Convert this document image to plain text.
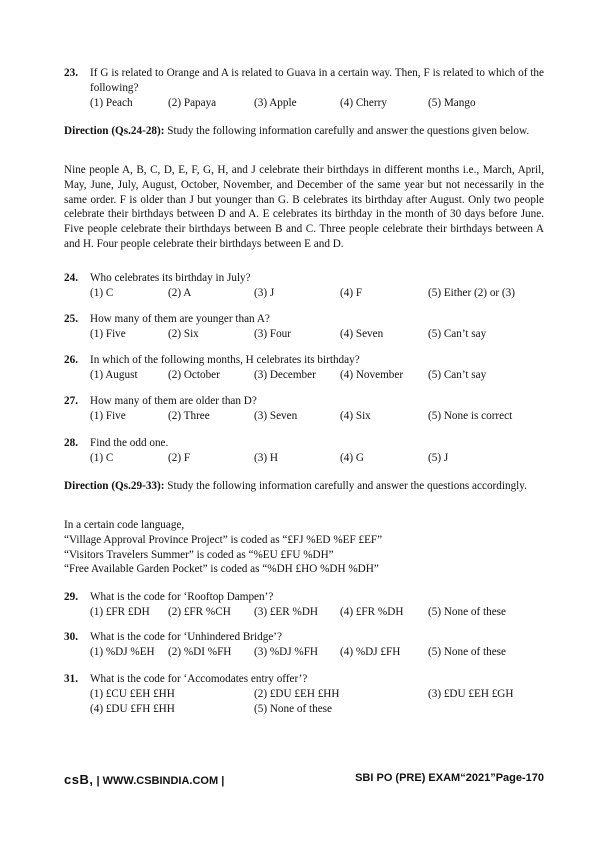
23.	If G is related to Orange and A is related to Guava in a certain way. Then, F is related to which of the following?
(1) Peach	(2) Papaya	(3) Apple	(4) Cherry	(5) Mango
Direction (Qs.24-28): Study the following information carefully and answer the questions given below.
Nine people A, B, C, D, E, F, G, H, and J celebrate their birthdays in different months i.e., March, April, May, June, July, August, October, November, and December of the same year but not necessarily in the same order. F is older than J but younger than G. B celebrates its birthday after August. Only two people celebrate their birthdays between D and A. E celebrates its birthday in the month of 30 days before June. Five people celebrate their birthdays between B and C. Three people celebrate their birthdays between A and H. Four people celebrate their birthdays between E and D.
24.	Who celebrates its birthday in July?
(1) C	(2) A	(3) J	(4) F	(5) Either (2) or (3)
25.	How many of them are younger than A?
(1) Five	(2) Six	(3) Four	(4) Seven	(5) Can’t say
26.	In which of the following months, H celebrates its birthday?
(1) August	(2) October	(3) December (4) November (5) Can’t say
27.	How many of them are older than D?
(1) Five	(2) Three	(3) Seven	(4) Six	(5) None is correct
28.	Find the odd one.
(1) C	(2) F	(3) H	(4) G	(5) J
Direction (Qs.29-33): Study the following information carefully and answer the questions accordingly.
In a certain code language,
“Village Approval Province Project” is coded as “£FJ %ED %EF £EF”
“Visitors Travelers Summer” is coded as “%EU £FU %DH”
“Free Available Garden Pocket” is coded as “%DH £HO %DH %DH”
29.	What is the code for ‘Rooftop Dampen’?
(1) £FR £DH (2) £FR %CH (3) £ER %DH (4) £FR %DH (5) None of these
30.	What is the code for ‘Unhindered Bridge’?
(1) %DJ %EH (2) %DI %FH (3) %DJ %FH (4) %DJ £FH (5) None of these
31.	What is the code for ‘Accomodates entry offer’?
(1) £CU £EH £HH	(2) £DU £EH £HH	(3) £DU £EH £GH
(4) £DU £FH £HH	(5) None of these
csB, | WWW.CSBINDIA.COM |	SBI PO (PRE) EXAM“2021”Page-170
